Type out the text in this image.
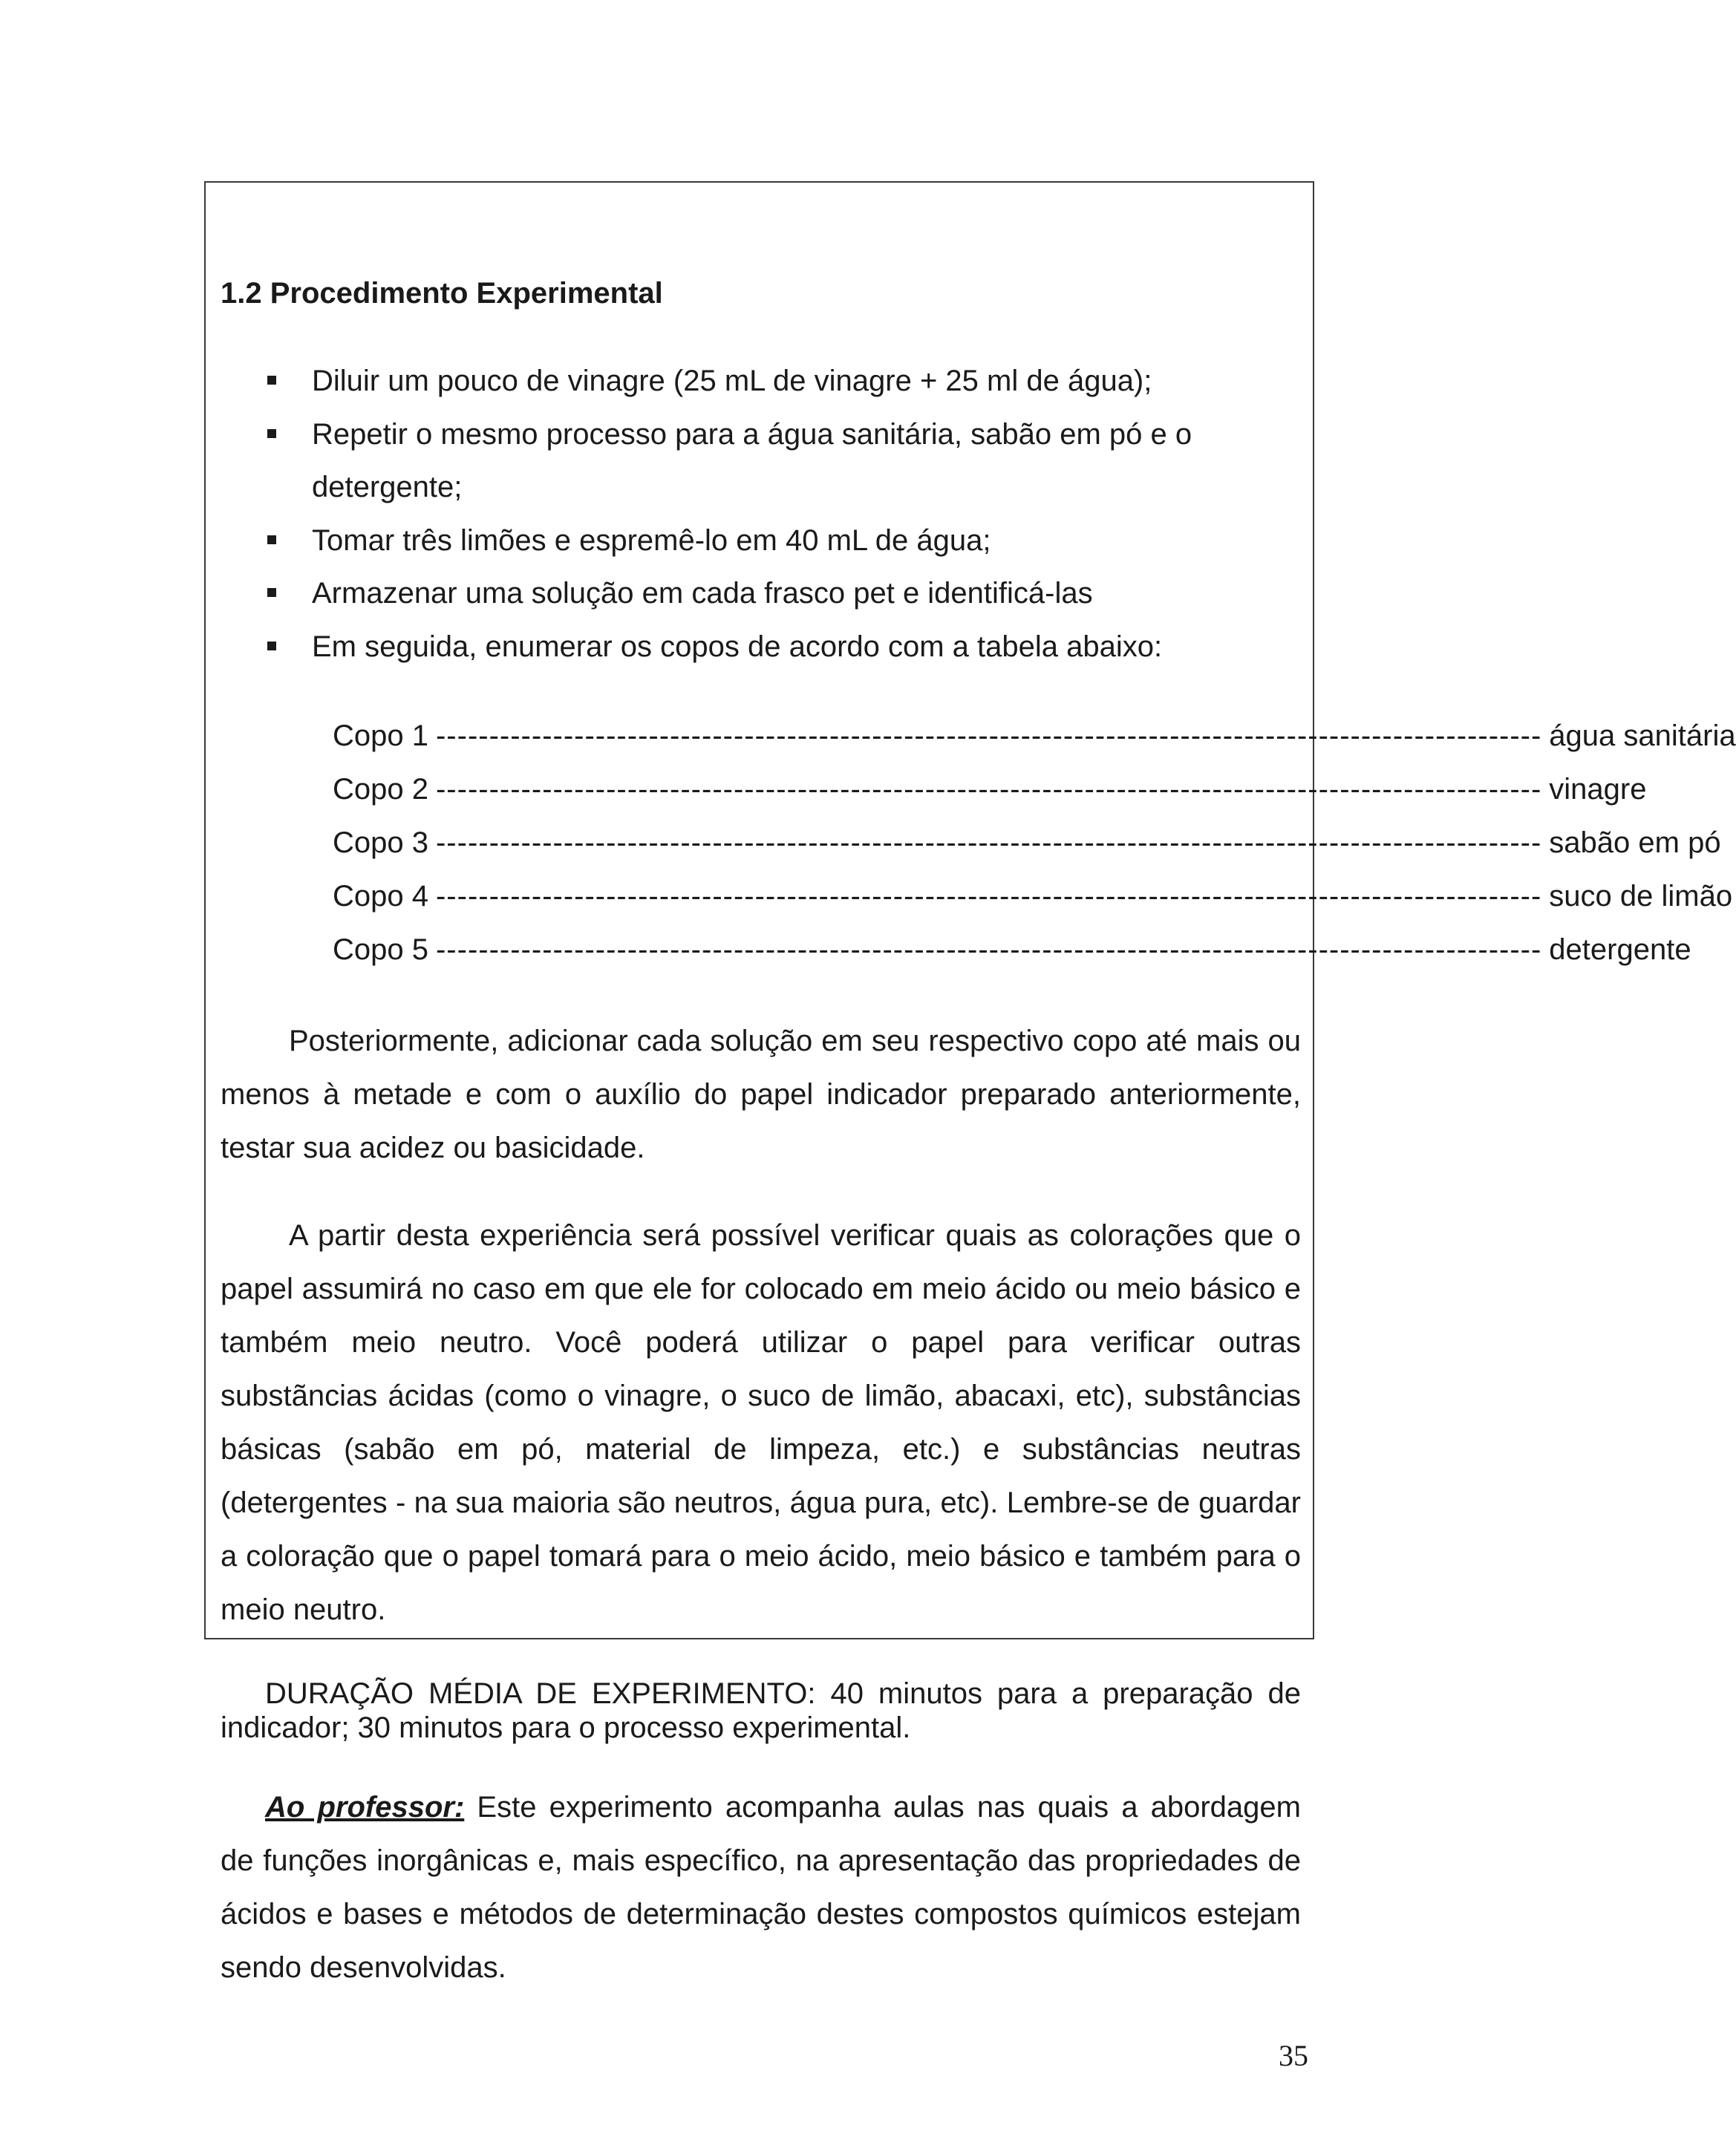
1.2 Procedimento Experimental
Diluir um pouco de vinagre (25 mL de vinagre + 25 ml de água);
Repetir o mesmo processo para a água sanitária, sabão em pó e o
detergente;
Tomar três limões e espremê-lo em 40 mL de água;
Armazenar uma solução em cada frasco pet e identificá-las
Em seguida, enumerar os copos de acordo com a tabela abaixo:
Copo 1 -------------------------------------------------------------------------------------------------------- água sanitária
Copo 2 -------------------------------------------------------------------------------------------------------- vinagre
Copo 3 -------------------------------------------------------------------------------------------------------- sabão em pó
Copo 4 -------------------------------------------------------------------------------------------------------- suco de limão
Copo 5 -------------------------------------------------------------------------------------------------------- detergente

Posteriormente, adicionar cada solução em seu respectivo copo até mais ou menos à metade e com o auxílio do papel indicador preparado anteriormente, testar sua acidez ou basicidade.

A partir desta experiência será possível verificar quais as colorações que o papel assumirá no caso em que ele for colocado em meio ácido ou meio básico e também meio neutro. Você poderá utilizar o papel para verificar outras substãncias ácidas (como o vinagre, o suco de limão, abacaxi, etc), substâncias básicas (sabão em pó, material de limpeza, etc.) e substâncias neutras (detergentes - na sua maioria são neutros, água pura, etc). Lembre-se de guardar a coloração que o papel tomará para o meio ácido, meio básico e também para o meio neutro.

DURAÇÃO MÉDIA DE EXPERIMENTO: 40 minutos para a preparação de indicador; 30 minutos para o processo experimental.

Ao professor: Este experimento acompanha aulas nas quais a abordagem de funções inorgânicas e, mais específico, na apresentação das propriedades de ácidos e bases e métodos de determinação destes compostos químicos estejam sendo desenvolvidas.

35
